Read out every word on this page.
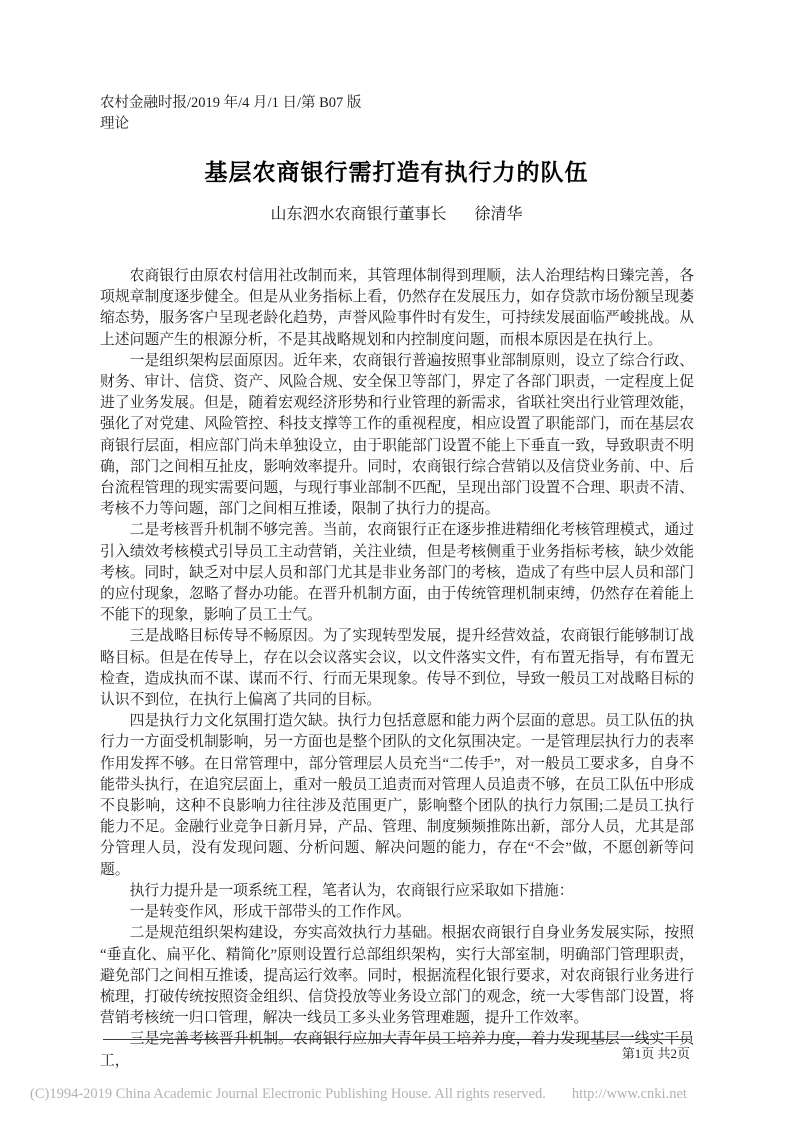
农村金融时报/2019 年/4 月/1 日/第 B07 版
理论
基层农商银行需打造有执行力的队伍
山东泗水农商银行董事长 徐清华

农商银行由原农村信用社改制而来，其管理体制得到理顺，法人治理结构日臻完善，各项规章制度逐步健全。但是从业务指标上看，仍然存在发展压力，如存贷款市场份额呈现萎缩态势，服务客户呈现老龄化趋势，声誉风险事件时有发生，可持续发展面临严峻挑战。从上述问题产生的根源分析，不是其战略规划和内控制度问题，而根本原因是在执行上。

一是组织架构层面原因。近年来，农商银行普遍按照事业部制原则，设立了综合行政、财务、审计、信贷、资产、风险合规、安全保卫等部门，界定了各部门职责，一定程度上促进了业务发展。但是，随着宏观经济形势和行业管理的新需求，省联社突出行业管理效能，强化了对党建、风险管控、科技支撑等工作的重视程度，相应设置了职能部门，而在基层农商银行层面，相应部门尚未单独设立，由于职能部门设置不能上下垂直一致，导致职责不明确，部门之间相互扯皮，影响效率提升。同时，农商银行综合营销以及信贷业务前、中、后台流程管理的现实需要问题，与现行事业部制不匹配，呈现出部门设置不合理、职责不清、考核不力等问题，部门之间相互推诿，限制了执行力的提高。

二是考核晋升机制不够完善。当前，农商银行正在逐步推进精细化考核管理模式，通过引入绩效考核模式引导员工主动营销，关注业绩，但是考核侧重于业务指标考核，缺少效能考核。同时，缺乏对中层人员和部门尤其是非业务部门的考核，造成了有些中层人员和部门的应付现象，忽略了督办功能。在晋升机制方面，由于传统管理机制束缚，仍然存在着能上不能下的现象，影响了员工士气。

三是战略目标传导不畅原因。为了实现转型发展，提升经营效益，农商银行能够制订战略目标。但是在传导上，存在以会议落实会议，以文件落实文件，有布置无指导，有布置无检查，造成执而不谋、谋而不行、行而无果现象。传导不到位，导致一般员工对战略目标的认识不到位，在执行上偏离了共同的目标。

四是执行力文化氛围打造欠缺。执行力包括意愿和能力两个层面的意思。员工队伍的执行力一方面受机制影响，另一方面也是整个团队的文化氛围决定。一是管理层执行力的表率作用发挥不够。在日常管理中，部分管理层人员充当“二传手”，对一般员工要求多，自身不能带头执行，在追究层面上，重对一般员工追责而对管理人员追责不够，在员工队伍中形成不良影响，这种不良影响力往往涉及范围更广，影响整个团队的执行力氛围;二是员工执行能力不足。金融行业竞争日新月异，产品、管理、制度频频推陈出新，部分人员，尤其是部分管理人员，没有发现问题、分析问题、解决问题的能力，存在“不会”做，不愿创新等问题。

执行力提升是一项系统工程，笔者认为，农商银行应采取如下措施：

一是转变作风，形成干部带头的工作作风。

二是规范组织架构建设，夯实高效执行力基础。根据农商银行自身业务发展实际，按照“垂直化、扁平化、精简化”原则设置行总部组织架构，实行大部室制，明确部门管理职责，避免部门之间相互推诿，提高运行效率。同时，根据流程化银行要求，对农商银行业务进行梳理，打破传统按照资金组织、信贷投放等业务设立部门的观念，统一大零售部门设置，将营销考核统一归口管理，解决一线员工多头业务管理难题，提升工作效率。

三是完善考核晋升机制。农商银行应加大青年员工培养力度，着力发现基层一线实干员工，	第1页 共2页
(C)1994-2019 China Academic Journal Electronic Publishing House. All rights reserved. http://www.cnki.net
